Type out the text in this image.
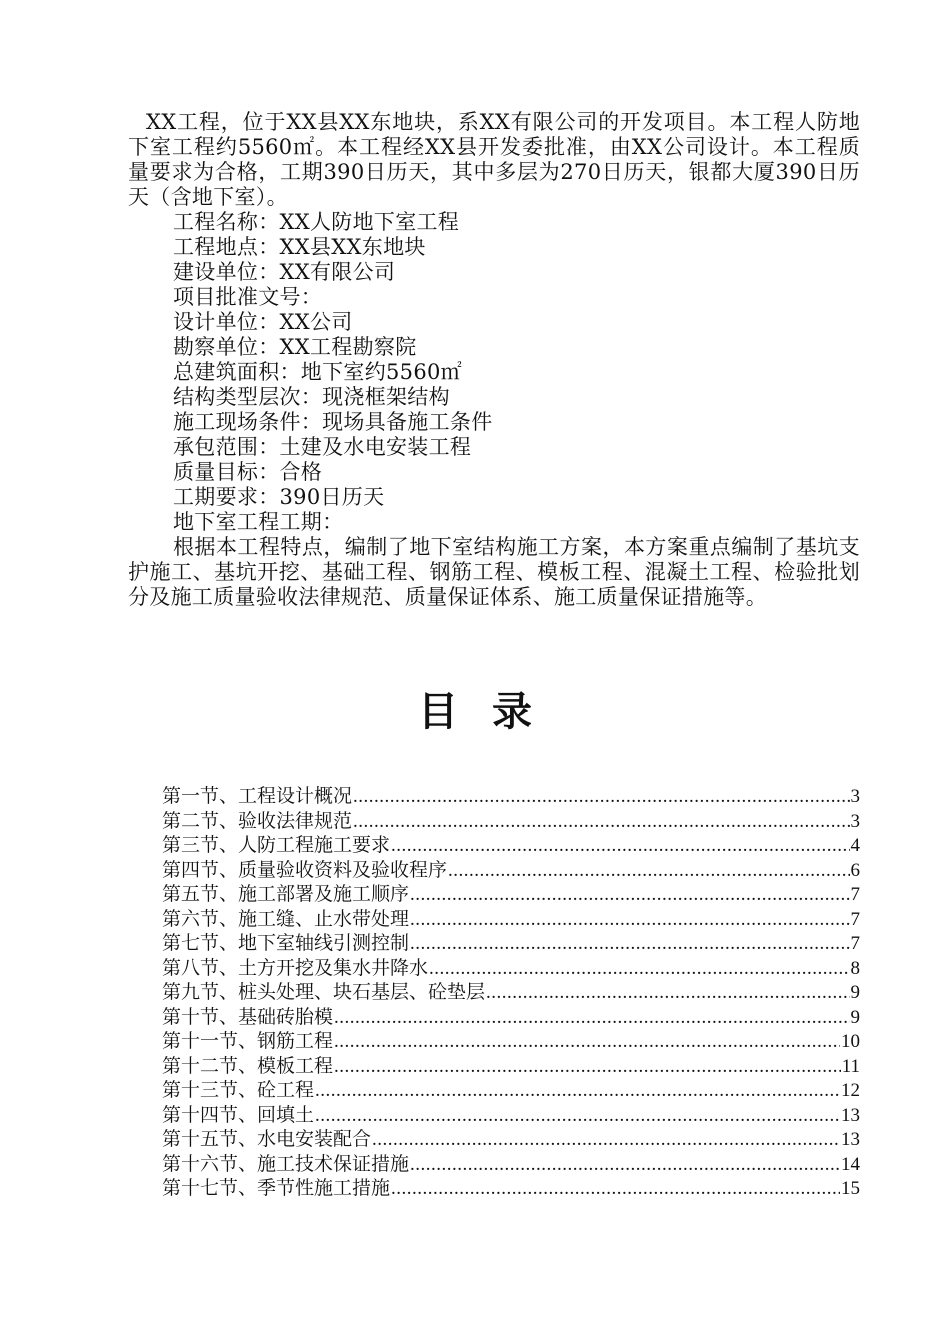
XX工程，位于XX县XX东地块，系XX有限公司的开发项目。本工程人防地下室工程约5560㎡。本工程经XX县开发委批准，由XX公司设计。本工程质量要求为合格，工期390日历天，其中多层为270日历天，银都大厦390日历天（含地下室）。

工程名称：XX人防地下室工程

工程地点：XX县XX东地块

建设单位：XX有限公司

项目批准文号：

设计单位：XX公司

勘察单位：XX工程勘察院

总建筑面积：地下室约5560㎡

结构类型层次：现浇框架结构

施工现场条件：现场具备施工条件

承包范围：土建及水电安装工程

质量目标：合格

工期要求：390日历天

地下室工程工期：

根据本工程特点，编制了地下室结构施工方案，本方案重点编制了基坑支护施工、基坑开挖、基础工程、钢筋工程、模板工程、混凝土工程、检验批划分及施工质量验收法律规范、质量保证体系、施工质量保证措施等。

目录
第一节、工程设计概况 .....	3
第二节、验收法律规范 .....	3
第三节、人防工程施工要求 .....	4
第四节、质量验收资料及验收程序 .....	6
第五节、施工部署及施工顺序 .....	7
第六节、施工缝、止水带处理 .....	7
第七节、地下室轴线引测控制 .....	7
第八节、土方开挖及集水井降水 .....	8
第九节、桩头处理、块石基层、砼垫层 .....	9
第十节、基础砖胎模 .....	9
第十一节、钢筋工程 .....	10
第十二节、模板工程 .....	11
第十三节、砼工程 .....	12
第十四节、回填土 .....	13
第十五节、水电安装配合 .....	13
第十六节、施工技术保证措施 .....	14
第十七节、季节性施工措施 .....	15
